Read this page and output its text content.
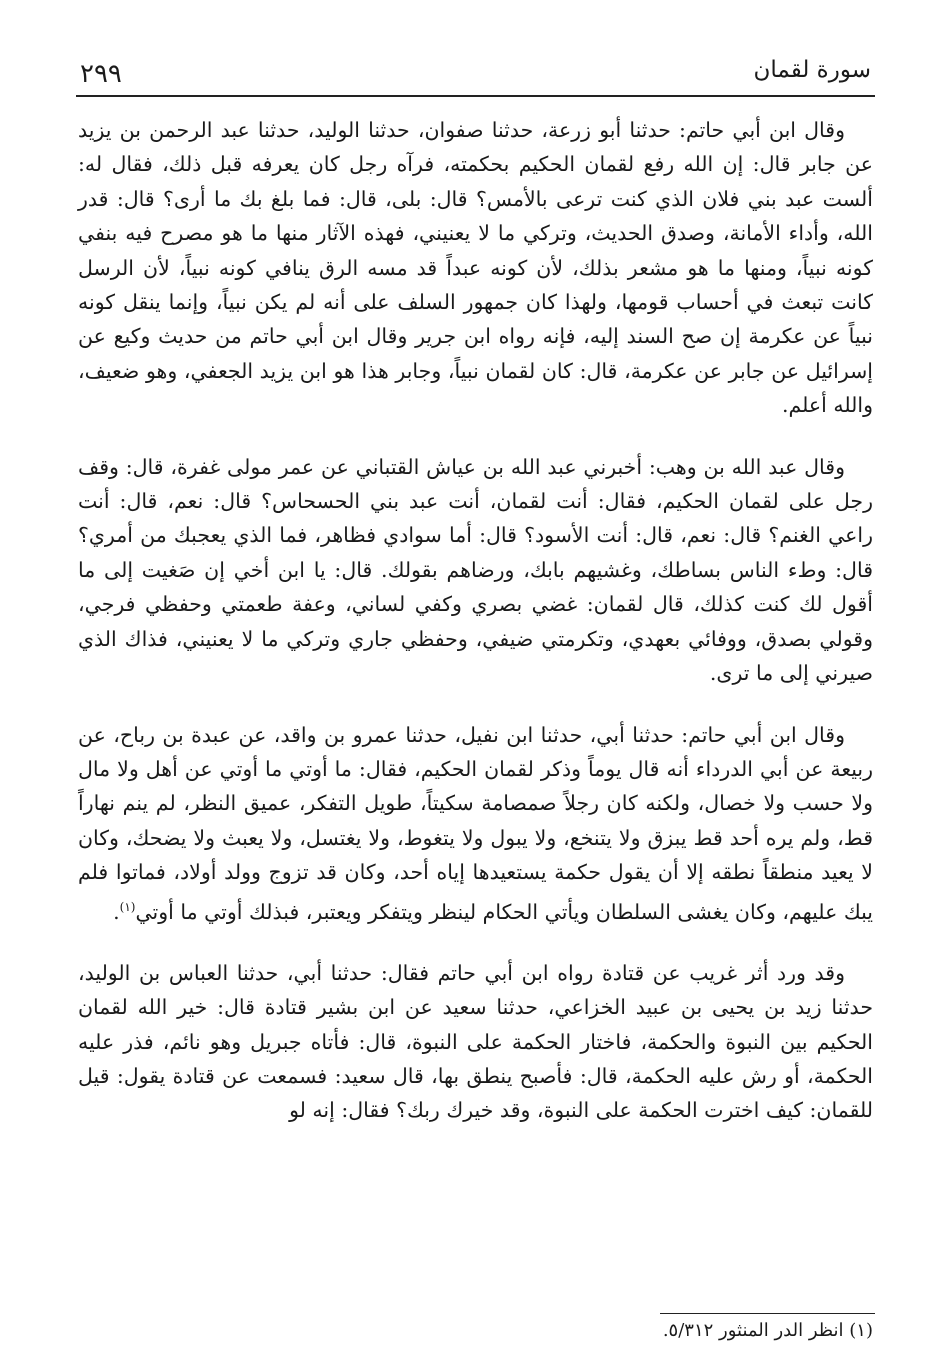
سورة لقمان
٢٩٩

وقال ابن أبي حاتم: حدثنا أبو زرعة، حدثنا صفوان، حدثنا الوليد، حدثنا عبد الرحمن بن يزيد عن جابر قال: إن الله رفع لقمان الحكيم بحكمته، فرآه رجل كان يعرفه قبل ذلك، فقال له: ألست عبد بني فلان الذي كنت ترعى بالأمس؟ قال: بلى، قال: فما بلغ بك ما أرى؟ قال: قدر الله، وأداء الأمانة، وصدق الحديث، وتركي ما لا يعنيني، فهذه الآثار منها ما هو مصرح فيه بنفي كونه نبياً، ومنها ما هو مشعر بذلك، لأن كونه عبداً قد مسه الرق ينافي كونه نبياً، لأن الرسل كانت تبعث في أحساب قومها، ولهذا كان جمهور السلف على أنه لم يكن نبياً، وإنما ينقل كونه نبياً عن عكرمة إن صح السند إليه، فإنه رواه ابن جرير وقال ابن أبي حاتم من حديث وكيع عن إسرائيل عن جابر عن عكرمة، قال: كان لقمان نبياً، وجابر هذا هو ابن يزيد الجعفي، وهو ضعيف، والله أعلم.

وقال عبد الله بن وهب: أخبرني عبد الله بن عياش القتباني عن عمر مولى غفرة، قال: وقف رجل على لقمان الحكيم، فقال: أنت لقمان، أنت عبد بني الحسحاس؟ قال: نعم، قال: أنت راعي الغنم؟ قال: نعم، قال: أنت الأسود؟ قال: أما سوادي فظاهر، فما الذي يعجبك من أمري؟ قال: وطء الناس بساطك، وغشيهم بابك، ورضاهم بقولك. قال: يا ابن أخي إن صَغيت إلى ما أقول لك كنت كذلك، قال لقمان: غضي بصري وكفي لساني، وعفة طعمتي وحفظي فرجي، وقولي بصدق، ووفائي بعهدي، وتكرمتي ضيفي، وحفظي جاري وتركي ما لا يعنيني، فذاك الذي صيرني إلى ما ترى.

وقال ابن أبي حاتم: حدثنا أبي، حدثنا ابن نفيل، حدثنا عمرو بن واقد، عن عبدة بن رباح، عن ربيعة عن أبي الدرداء أنه قال يوماً وذكر لقمان الحكيم، فقال: ما أوتي ما أوتي عن أهل ولا مال ولا حسب ولا خصال، ولكنه كان رجلاً صمصامة سكيتاً، طويل التفكر، عميق النظر، لم ينم نهاراً قط، ولم يره أحد قط يبزق ولا يتنخع، ولا يبول ولا يتغوط، ولا يغتسل، ولا يعبث ولا يضحك، وكان لا يعيد منطقاً نطقه إلا أن يقول حكمة يستعيدها إياه أحد، وكان قد تزوج وولد أولاد، فماتوا فلم يبك عليهم، وكان يغشى السلطان ويأتي الحكام لينظر ويتفكر ويعتبر، فبذلك أوتي ما أوتي$^{(١)}$.

وقد ورد أثر غريب عن قتادة رواه ابن أبي حاتم فقال: حدثنا أبي، حدثنا العباس بن الوليد، حدثنا زيد بن يحيى بن عبيد الخزاعي، حدثنا سعيد عن ابن بشير قتادة قال: خير الله لقمان الحكيم بين النبوة والحكمة، فاختار الحكمة على النبوة، قال: فأتاه جبريل وهو نائم، فذر عليه الحكمة، أو رش عليه الحكمة، قال: فأصبح ينطق بها، قال سعيد: فسمعت عن قتادة يقول: قيل للقمان: كيف اخترت الحكمة على النبوة، وقد خيرك ربك؟ فقال: إنه لو

(١) انظر الدر المنثور ٥/٣١٢.
